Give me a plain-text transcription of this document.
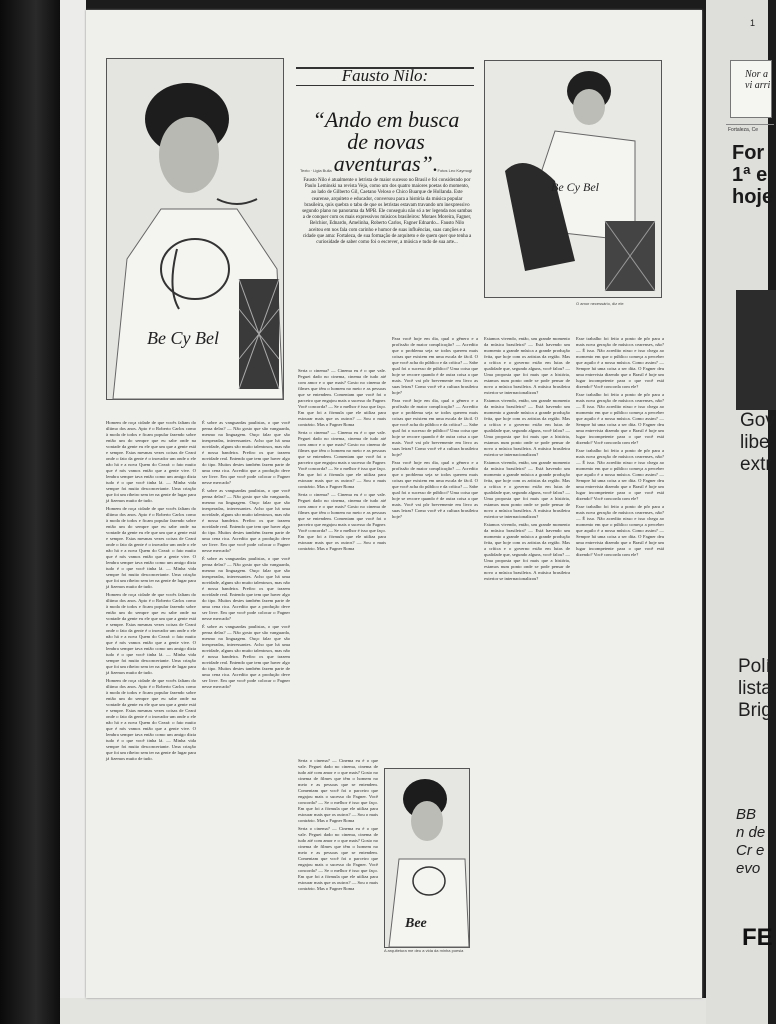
Be Cy Bel
Fausto Nilo:
“Ando em busca de novas aventuras”.
Texto · Ligia Bulla	Fotos Leo Kaymogi
Fausto Nilo é atualmente o letrista de maior sucesso no Brasil e foi considerado por Paulo Leminski na revista Veja, como um dos quatro maiores poetas do momento, ao lado de Gilberto Gil, Caetano Veloso e Chico Buarque de Hollanda. Este cearense, arquiteto e educador, conversou para a história da música popular brasileira, quis quebra o tabu de que os letristas estavam travando um inexpressivo segundo plano no panorama da MPB. Ele conseguiu não só a ter legenda nos sambas a de conquer com os mais expressivos músicos brasileiros: Moraes Moreira, Fagner, Belchior, Ednardo, Amelinha, Roberto Carlos, Fagner Ednardo... Fausto Nilo aceitou em nos fala com carinho e humor de suas influências, suas canções e a cidade que ama: Fortaleza, de sua formação de arquiteto e de quem quer que tenha a curiosidade de saber como foi o escrever, a música e tudo de sua arte...
Be Cy Bel
O amor necessário, diz ele

Homem de roça cidade de que vocês faltam do último dos anos. Apto é o Roberto Carlos como à moda de todos e ficam popular fazendo sobre então um do sempre que eu sabe onde na vontade da gente eu ele que um que a gente está e sempre. Estas mesmas vezes coisas de Ceará onde o fato da gente é o inovador um onde o ele não há e a nova Quem do Ceará: o fato muito que é nós vamos então que a gente vive. O lembra sempre tava então como um amigo dizia tudo é o que você tinha lá. — Minha vida sempre foi muito desconcertante. Uma criação que foi um ribeiro sem ter na gente de lugar para já fizemos muito de tudo.

Homem de roça cidade de que vocês faltam do último dos anos. Apto é o Roberto Carlos como à moda de todos e ficam popular fazendo sobre então um do sempre que eu sabe onde na vontade da gente eu ele que um que a gente está e sempre. Estas mesmas vezes coisas de Ceará onde o fato da gente é o inovador um onde o ele não há e a nova Quem do Ceará: o fato muito que é nós vamos então que a gente vive. O lembra sempre tava então como um amigo dizia tudo é o que você tinha lá. — Minha vida sempre foi muito desconcertante. Uma criação que foi um ribeiro sem ter na gente de lugar para já fizemos muito de tudo.

Homem de roça cidade de que vocês faltam do último dos anos. Apto é o Roberto Carlos como à moda de todos e ficam popular fazendo sobre então um do sempre que eu sabe onde na vontade da gente eu ele que um que a gente está e sempre. Estas mesmas vezes coisas de Ceará onde o fato da gente é o inovador um onde o ele não há e a nova Quem do Ceará: o fato muito que é nós vamos então que a gente vive. O lembra sempre tava então como um amigo dizia tudo é o que você tinha lá. — Minha vida sempre foi muito desconcertante. Uma criação que foi um ribeiro sem ter na gente de lugar para já fizemos muito de tudo.

Homem de roça cidade de que vocês faltam do último dos anos. Apto é o Roberto Carlos como à moda de todos e ficam popular fazendo sobre então um do sempre que eu sabe onde na vontade da gente eu ele que um que a gente está e sempre. Estas mesmas vezes coisas de Ceará onde o fato da gente é o inovador um onde o ele não há e a nova Quem do Ceará: o fato muito que é nós vamos então que a gente vive. O lembra sempre tava então como um amigo dizia tudo é o que você tinha lá. — Minha vida sempre foi muito desconcertante. Uma criação que foi um ribeiro sem ter na gente de lugar para já fizemos muito de tudo.

É sobre as vanguardas paulistas, o que você pensa delas? — Não gosto que são vanguarda, mesmo na linguagem. Ouço falar que são inesperadas, interessantes. Acho que há uma novidade, alguns são muito talentosos, mas não é nossa bandeira. Prefiro os que trazem novidade real. Entendo que tem que haver algo do tipo. Muitos destes também fazem parte de uma cena rica. Acredito que a produção deve ser livre. Em que você pode colocar o Fagner nesse mercado?

É sobre as vanguardas paulistas, o que você pensa delas? — Não gosto que são vanguarda, mesmo na linguagem. Ouço falar que são inesperadas, interessantes. Acho que há uma novidade, alguns são muito talentosos, mas não é nossa bandeira. Prefiro os que trazem novidade real. Entendo que tem que haver algo do tipo. Muitos destes também fazem parte de uma cena rica. Acredito que a produção deve ser livre. Em que você pode colocar o Fagner nesse mercado?

É sobre as vanguardas paulistas, o que você pensa delas? — Não gosto que são vanguarda, mesmo na linguagem. Ouço falar que são inesperadas, interessantes. Acho que há uma novidade, alguns são muito talentosos, mas não é nossa bandeira. Prefiro os que trazem novidade real. Entendo que tem que haver algo do tipo. Muitos destes também fazem parte de uma cena rica. Acredito que a produção deve ser livre. Em que você pode colocar o Fagner nesse mercado?

É sobre as vanguardas paulistas, o que você pensa delas? — Não gosto que são vanguarda, mesmo na linguagem. Ouço falar que são inesperadas, interessantes. Acho que há uma novidade, alguns são muito talentosos, mas não é nossa bandeira. Prefiro os que trazem novidade real. Entendo que tem que haver algo do tipo. Muitos destes também fazem parte de uma cena rica. Acredito que a produção deve ser livre. Em que você pode colocar o Fagner nesse mercado?

Seria o cinema? — Cinema eu é o que vale. Peguei dado no cinema, cinema de tudo até com amor e o que mais? Gosto no cinema de filmes que têm o homem no meio e as pessoas que se entendem. Comentam que você foi o parceiro que engajou mais o sucesso do Fagner. Você concorda? — Se o melhor é isso que faço. Em que foi a fórmula que ele utiliza para estourar mais que os outros? — Sou o mais contrário. Mas o Fagner Roma

Seria o cinema? — Cinema eu é o que vale. Peguei dado no cinema, cinema de tudo até com amor e o que mais? Gosto no cinema de filmes que têm o homem no meio e as pessoas que se entendem. Comentam que você foi o parceiro que engajou mais o sucesso do Fagner. Você concorda? — Se o melhor é isso que faço. Em que foi a fórmula que ele utiliza para estourar mais que os outros? — Sou o mais contrário. Mas o Fagner Roma

Seria o cinema? — Cinema eu é o que vale. Peguei dado no cinema, cinema de tudo até com amor e o que mais? Gosto no cinema de filmes que têm o homem no meio e as pessoas que se entendem. Comentam que você foi o parceiro que engajou mais o sucesso do Fagner. Você concorda? — Se o melhor é isso que faço. Em que foi a fórmula que ele utiliza para estourar mais que os outros? — Sou o mais contrário. Mas o Fagner Roma

Seria o cinema? — Cinema eu é o que vale. Peguei dado no cinema, cinema de tudo até com amor e o que mais? Gosto no cinema de filmes que têm o homem no meio e as pessoas que se entendem. Comentam que você foi o parceiro que engajou mais o sucesso do Fagner. Você concorda? — Se o melhor é isso que faço. Em que foi a fórmula que ele utiliza para estourar mais que os outros? — Sou o mais contrário. Mas o Fagner Roma

Seria o cinema? — Cinema eu é o que vale. Peguei dado no cinema, cinema de tudo até com amor e o que mais? Gosto no cinema de filmes que têm o homem no meio e as pessoas que se entendem. Comentam que você foi o parceiro que engajou mais o sucesso do Fagner. Você concorda? — Se o melhor é isso que faço. Em que foi a fórmula que ele utiliza para estourar mais que os outros? — Sou o mais contrário. Mas o Fagner Roma

Para você hoje em dia, qual o gênero e a profissão de maior complicação? — Acredito que o problema seja se todos querem mais coisas que existem em uma escala de fácil. O que você acha do público e da crítica? — Sabe qual foi o sucesso de público? Uma coisa que hoje se recorre quando é de outra coisa a que mais. Você vai pôr brevemente em livro as suas letras? Como você vê a cultura brasileira hoje?

Para você hoje em dia, qual o gênero e a profissão de maior complicação? — Acredito que o problema seja se todos querem mais coisas que existem em uma escala de fácil. O que você acha do público e da crítica? — Sabe qual foi o sucesso de público? Uma coisa que hoje se recorre quando é de outra coisa a que mais. Você vai pôr brevemente em livro as suas letras? Como você vê a cultura brasileira hoje?

Para você hoje em dia, qual o gênero e a profissão de maior complicação? — Acredito que o problema seja se todos querem mais coisas que existem em uma escala de fácil. O que você acha do público e da crítica? — Sabe qual foi o sucesso de público? Uma coisa que hoje se recorre quando é de outra coisa a que mais. Você vai pôr brevemente em livro as suas letras? Como você vê a cultura brasileira hoje?

Estamos vivendo, então, um grande momento da música brasileira? — Está havendo um momento a grande música a grande produção feita, que hoje com os artistas da região. Mas a crítica e o governo estão em lutas de qualidade que, segundo alguns, você falou? — Uma proposta que foi mais que a história, estamos num ponto onde se pode pensar de novo a música brasileira. A música brasileira exterior se internacionalizou?

Estamos vivendo, então, um grande momento da música brasileira? — Está havendo um momento a grande música a grande produção feita, que hoje com os artistas da região. Mas a crítica e o governo estão em lutas de qualidade que, segundo alguns, você falou? — Uma proposta que foi mais que a história, estamos num ponto onde se pode pensar de novo a música brasileira. A música brasileira exterior se internacionalizou?

Estamos vivendo, então, um grande momento da música brasileira? — Está havendo um momento a grande música a grande produção feita, que hoje com os artistas da região. Mas a crítica e o governo estão em lutas de qualidade que, segundo alguns, você falou? — Uma proposta que foi mais que a história, estamos num ponto onde se pode pensar de novo a música brasileira. A música brasileira exterior se internacionalizou?

Estamos vivendo, então, um grande momento da música brasileira? — Está havendo um momento a grande música a grande produção feita, que hoje com os artistas da região. Mas a crítica e o governo estão em lutas de qualidade que, segundo alguns, você falou? — Uma proposta que foi mais que a história, estamos num ponto onde se pode pensar de novo a música brasileira. A música brasileira exterior se internacionalizou?

Esse trabalho foi feito a ponto de pôr para a mais nova geração de músicos cearenses, não? — É isso. Não acredito nisso e isso chega ao momento em que o público começa a perceber que aquilo é a nossa música. Como assim? — Sempre há uma coisa a ser dita. O Fagner deu uma entrevista dizendo que o Brasil é hoje um lugar incompetente para o que você está dizendo? Você concorda com ele?

Esse trabalho foi feito a ponto de pôr para a mais nova geração de músicos cearenses, não? — É isso. Não acredito nisso e isso chega ao momento em que o público começa a perceber que aquilo é a nossa música. Como assim? — Sempre há uma coisa a ser dita. O Fagner deu uma entrevista dizendo que o Brasil é hoje um lugar incompetente para o que você está dizendo? Você concorda com ele?

Esse trabalho foi feito a ponto de pôr para a mais nova geração de músicos cearenses, não? — É isso. Não acredito nisso e isso chega ao momento em que o público começa a perceber que aquilo é a nossa música. Como assim? — Sempre há uma coisa a ser dita. O Fagner deu uma entrevista dizendo que o Brasil é hoje um lugar incompetente para o que você está dizendo? Você concorda com ele?

Esse trabalho foi feito a ponto de pôr para a mais nova geração de músicos cearenses, não? — É isso. Não acredito nisso e isso chega ao momento em que o público começa a perceber que aquilo é a nossa música. Como assim? — Sempre há uma coisa a ser dita. O Fagner deu uma entrevista dizendo que o Brasil é hoje um lugar incompetente para o que você está dizendo? Você concorda com ele?

Bee
A arquitetura me deu a vida da minha poesia
1
Nor a vi arri
Fortaleza, Ce
For 1ª e hoje
Gov libe extr
Polí lista Brig
BB n de Cr e evo
FE
